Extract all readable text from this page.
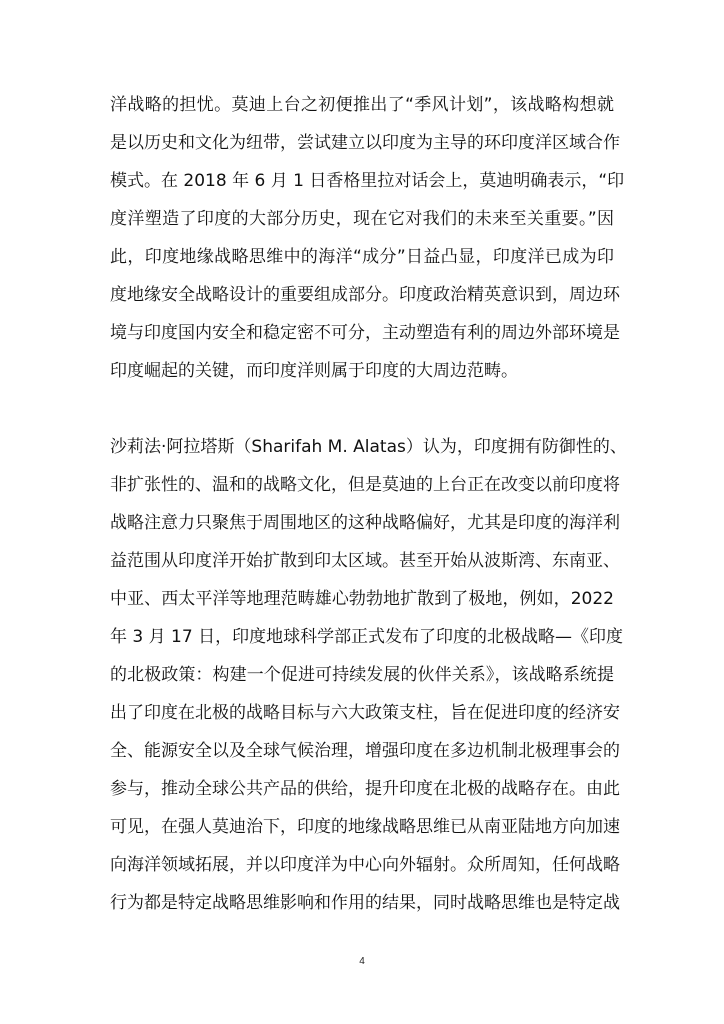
洋战略的担忧。莫迪上台之初便推出了“季风计划”，该战略构想就
是以历史和文化为纽带，尝试建立以印度为主导的环印度洋区域合作
模式。在 2018 年 6 月 1 日香格里拉对话会上，莫迪明确表示，“印
度洋塑造了印度的大部分历史，现在它对我们的未来至关重要。”因
此，印度地缘战略思维中的海洋“成分”日益凸显，印度洋已成为印
度地缘安全战略设计的重要组成部分。印度政治精英意识到，周边环
境与印度国内安全和稳定密不可分，主动塑造有利的周边外部环境是
印度崛起的关键，而印度洋则属于印度的大周边范畴。
沙莉法·阿拉塔斯（Sharifah M. Alatas）认为，印度拥有防御性的、
非扩张性的、温和的战略文化，但是莫迪的上台正在改变以前印度将
战略注意力只聚焦于周围地区的这种战略偏好，尤其是印度的海洋利
益范围从印度洋开始扩散到印太区域。甚至开始从波斯湾、东南亚、
中亚、西太平洋等地理范畴雄心勃勃地扩散到了极地，例如，2022
年 3 月 17 日，印度地球科学部正式发布了印度的北极战略—《印度
的北极政策：构建一个促进可持续发展的伙伴关系》，该战略系统提
出了印度在北极的战略目标与六大政策支柱，旨在促进印度的经济安
全、能源安全以及全球气候治理，增强印度在多边机制北极理事会的
参与，推动全球公共产品的供给，提升印度在北极的战略存在。由此
可见，在强人莫迪治下，印度的地缘战略思维已从南亚陆地方向加速
向海洋领域拓展，并以印度洋为中心向外辐射。众所周知，任何战略
行为都是特定战略思维影响和作用的结果，同时战略思维也是特定战
4
